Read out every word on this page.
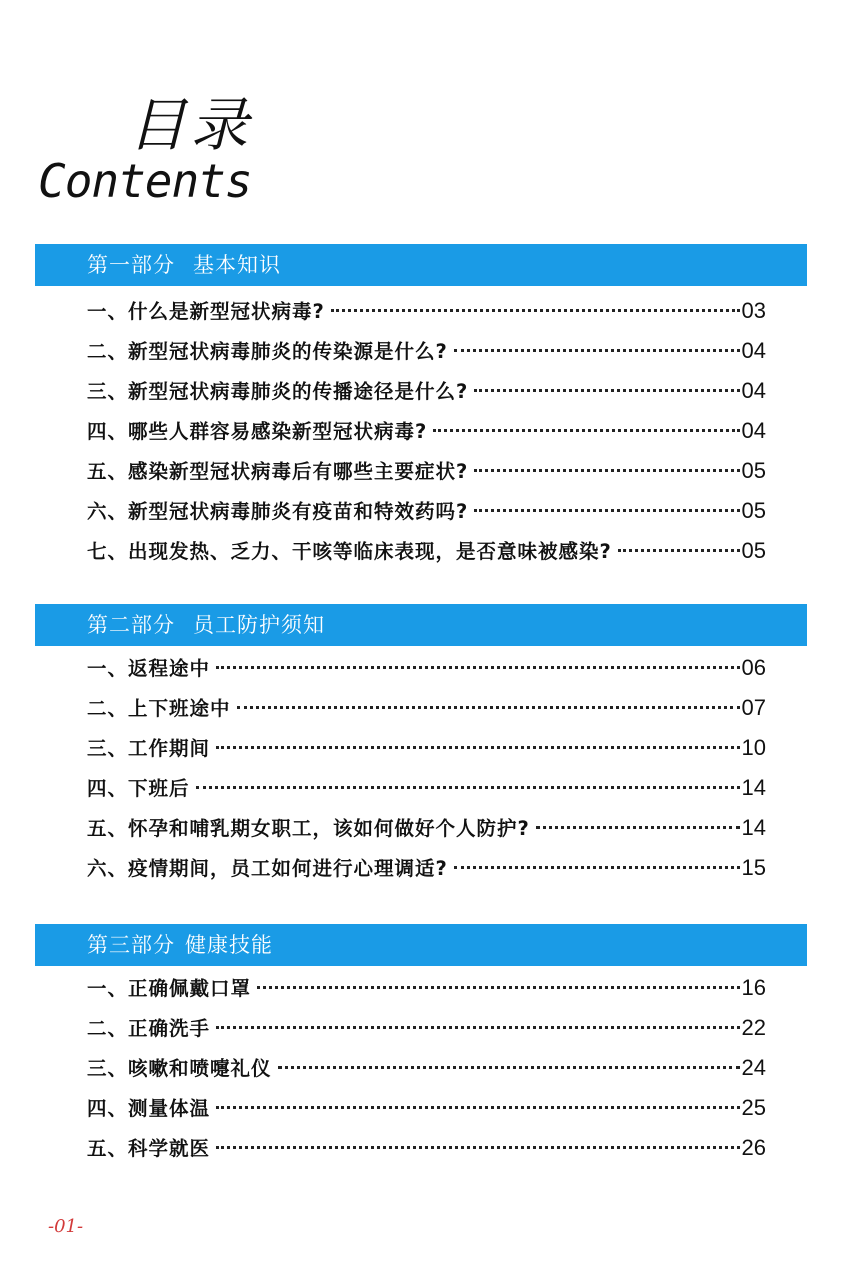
目录
Contents
第一部分 基本知识
一、什么是新型冠状病毒?	03
二、新型冠状病毒肺炎的传染源是什么?	04
三、新型冠状病毒肺炎的传播途径是什么?	04
四、哪些人群容易感染新型冠状病毒?	04
五、感染新型冠状病毒后有哪些主要症状?	05
六、新型冠状病毒肺炎有疫苗和特效药吗?	05
七、出现发热、乏力、干咳等临床表现，是否意味被感染?	05
第二部分 员工防护须知
一、返程途中	06
二、上下班途中	07
三、工作期间	10
四、下班后	14
五、怀孕和哺乳期女职工，该如何做好个人防护?	14
六、疫情期间，员工如何进行心理调适?	15
第三部分 健康技能
一、正确佩戴口罩	16
二、正确洗手	22
三、咳嗽和喷嚏礼仪	24
四、测量体温	25
五、科学就医	26
-01-
